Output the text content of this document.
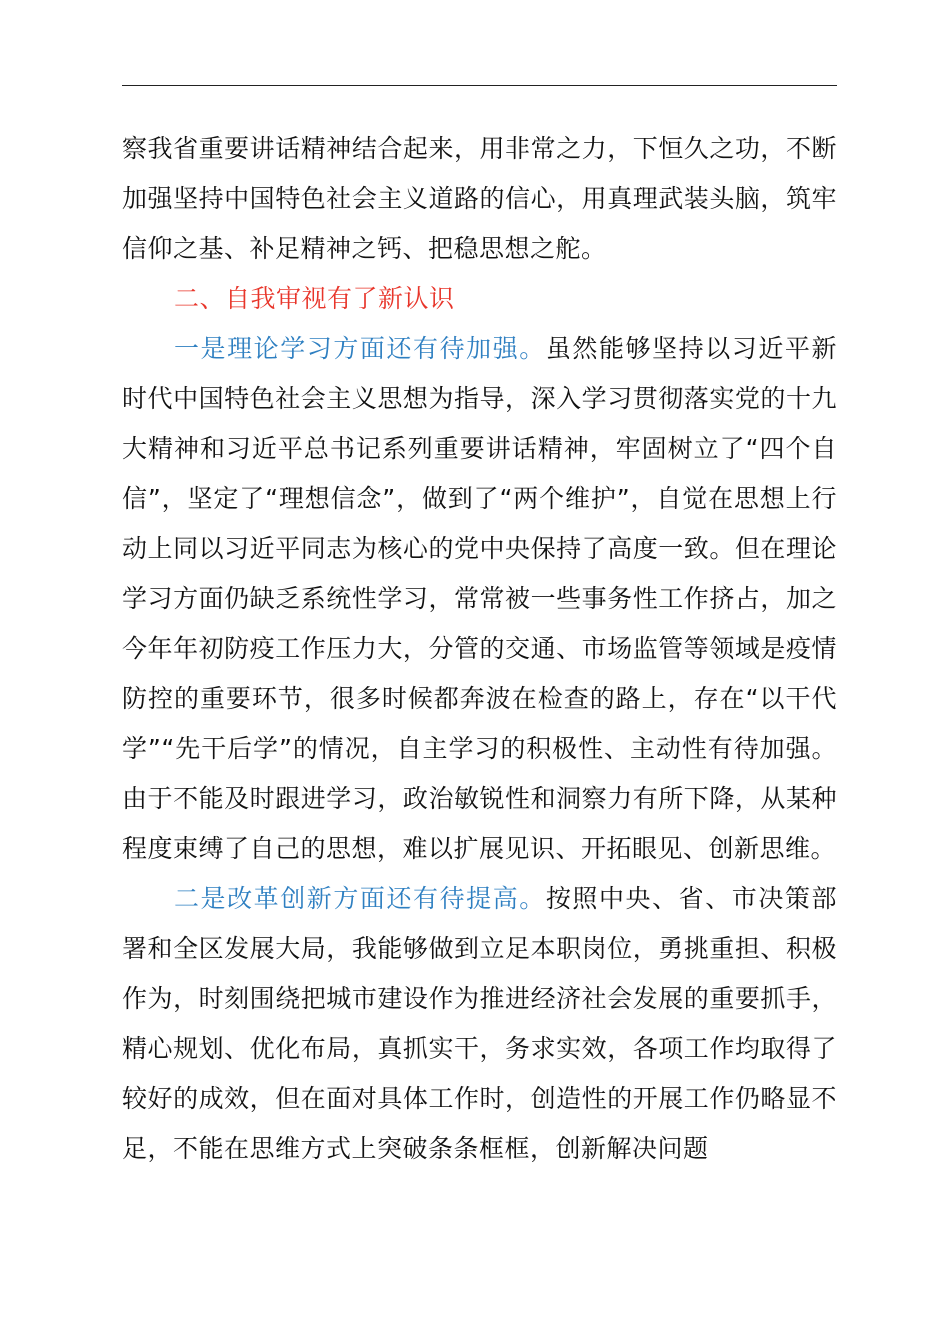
察我省重要讲话精神结合起来，用非常之力，下恒久之功，不断加强坚持中国特色社会主义道路的信心，用真理武装头脑，筑牢信仰之基、补足精神之钙、把稳思想之舵。

二、自我审视有了新认识

一是理论学习方面还有待加强。虽然能够坚持以习近平新时代中国特色社会主义思想为指导，深入学习贯彻落实党的十九大精神和习近平总书记系列重要讲话精神，牢固树立了“四个自信”，坚定了“理想信念”，做到了“两个维护”，自觉在思想上行动上同以习近平同志为核心的党中央保持了高度一致。但在理论学习方面仍缺乏系统性学习，常常被一些事务性工作挤占，加之今年年初防疫工作压力大，分管的交通、市场监管等领域是疫情防控的重要环节，很多时候都奔波在检查的路上，存在“以干代学”“先干后学”的情况，自主学习的积极性、主动性有待加强。由于不能及时跟进学习，政治敏锐性和洞察力有所下降，从某种程度束缚了自己的思想，难以扩展见识、开拓眼见、创新思维。

二是改革创新方面还有待提高。按照中央、省、市决策部署和全区发展大局，我能够做到立足本职岗位，勇挑重担、积极作为，时刻围绕把城市建设作为推进经济社会发展的重要抓手，精心规划、优化布局，真抓实干，务求实效，各项工作均取得了较好的成效，但在面对具体工作时，创造性的开展工作仍略显不足，不能在思维方式上突破条条框框，创新解决问题
